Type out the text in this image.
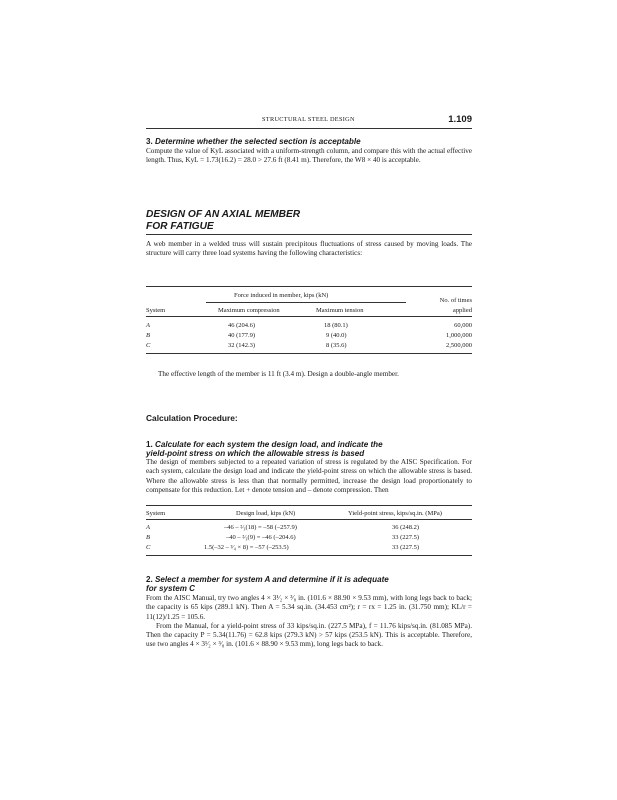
STRUCTURAL STEEL DESIGN	1.109
3. Determine whether the selected section is acceptable

Compute the value of KyL associated with a uniform-strength column, and compare this with the actual effective length. Thus, KyL = 1.73(16.2) = 28.0 > 27.6 ft (8.41 m). Therefore, the W8 × 40 is acceptable.

DESIGN OF AN AXIAL MEMBER
FOR FATIGUE

A web member in a welded truss will sustain precipitous fluctuations of stress caused by moving loads. The structure will carry three load systems having the following characteristics:

Force induced in member, kips (kN)
System	Maximum compression	Maximum tension
No. of times
applied
A	46 (204.6)	18 (80.1)	60,000
B	40 (177.9)	9 (40.0)	1,000,000
C	32 (142.3)	8 (35.6)	2,500,000

The effective length of the member is 11 ft (3.4 m). Design a double-angle member.

Calculation Procedure:
1. Calculate for each system the design load, and indicate the
yield-point stress on which the allowable stress is based

The design of members subjected to a repeated variation of stress is regulated by the AISC Specification. For each system, calculate the design load and indicate the yield-point stress on which the allowable stress is based. Where the allowable stress is less than that normally permitted, increase the design load proportionately to compensate for this reduction. Let + denote tension and – denote compression. Then

System	Design load, kips (kN)	Yield-point stress, kips/sq.in. (MPa)
A	–46 – ²⁄₃(18) = –58 (–257.9)	36 (248.2)
B	–40 – ²⁄₃(9) = –46 (–204.6)	33 (227.5)
C	1.5(–32 – ³⁄₄ × 8) = –57 (–253.5)	33 (227.5)
2. Select a member for system A and determine if it is adequate
for system C

From the AISC Manual, try two angles 4 × 3¹⁄₂ × ³⁄₈ in. (101.6 × 88.90 × 9.53 mm), with long legs back to back; the capacity is 65 kips (289.1 kN). Then A = 5.34 sq.in. (34.453 cm²); r = rx = 1.25 in. (31.750 mm); KL/r = 11(12)/1.25 = 105.6.

From the Manual, for a yield-point stress of 33 kips/sq.in. (227.5 MPa), f = 11.76 kips/sq.in. (81.085 MPa). Then the capacity P = 5.34(11.76) = 62.8 kips (279.3 kN) > 57 kips (253.5 kN). This is acceptable. Therefore, use two angles 4 × 3¹⁄₂ × ³⁄₈ in. (101.6 × 88.90 × 9.53 mm), long legs back to back.
